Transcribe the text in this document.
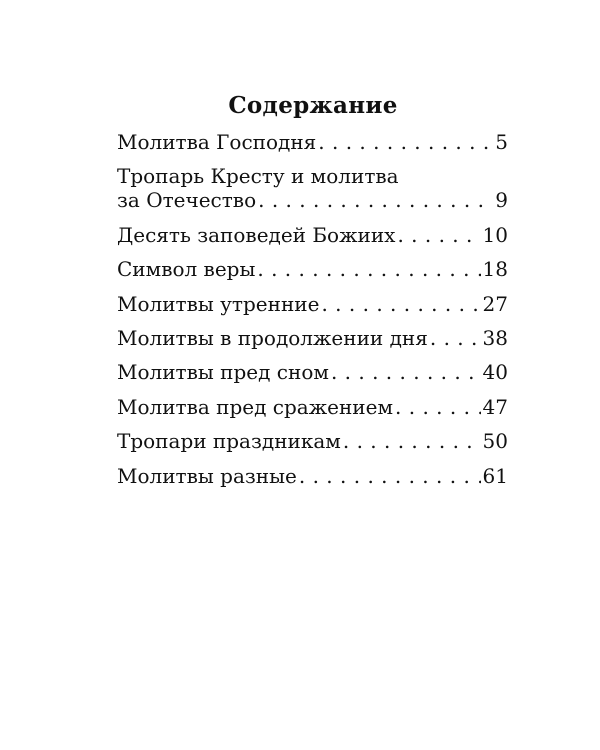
Содержание
Молитва Господня . . .	5
Тропарь Кресту и молитва
за Отечество . . .	9
Десять заповедей Божиих . . .	10
Символ веры . . .	18
Молитвы утренние . . .	27
Молитвы в продолжении дня . . .	38
Молитвы пред сном . . .	40
Молитва пред сражением . . .	47
Тропари праздникам . . .	50
Молитвы разные . . .	61
